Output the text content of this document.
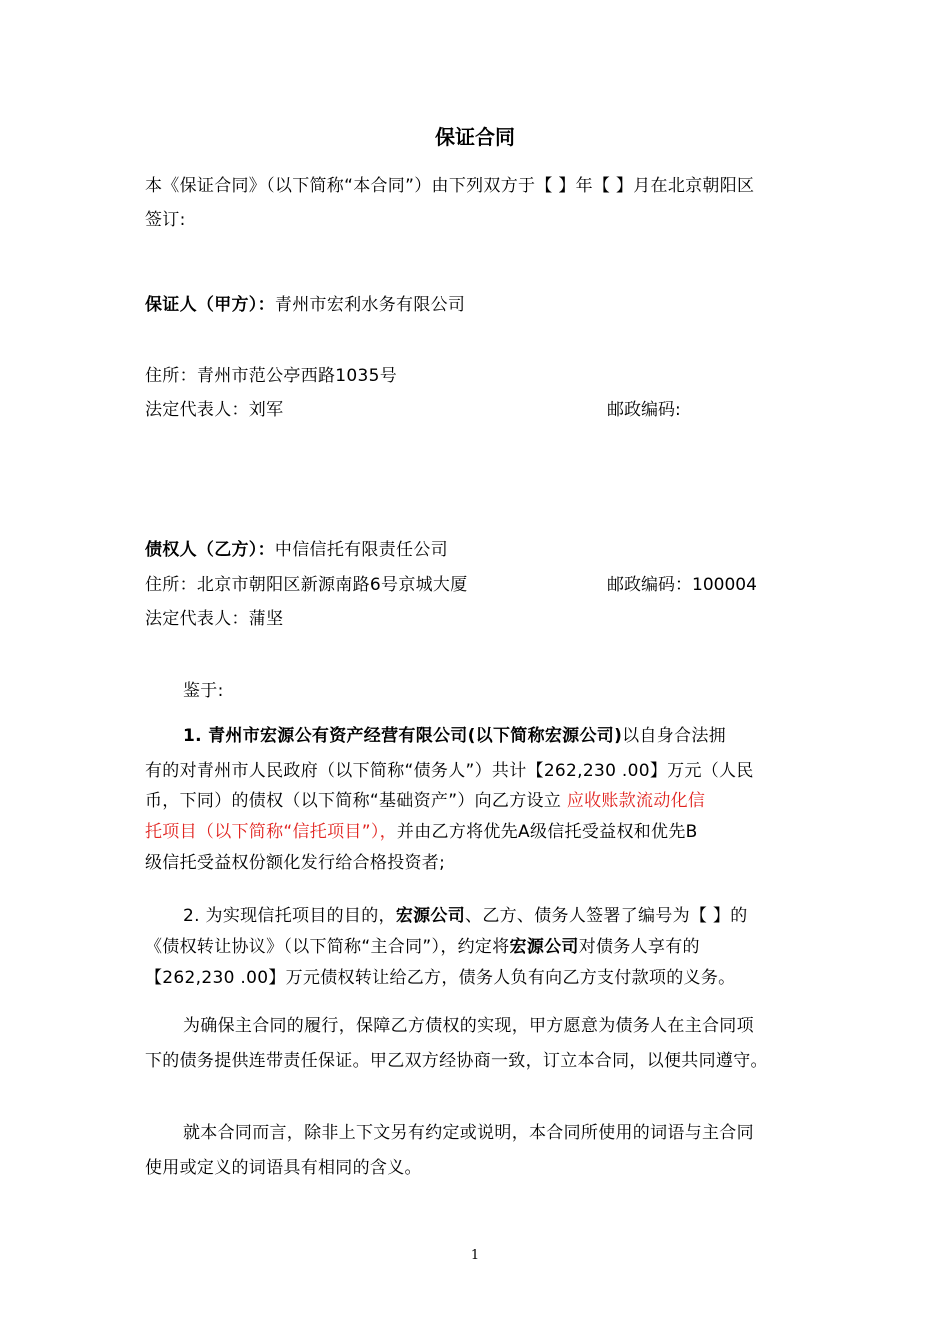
保证合同
本《保证合同》（以下简称“本合同”）由下列双方于【 】年【 】月在北京朝阳区
签订:
保证人（甲方）：青州市宏利水务有限公司
住所：青州市范公亭西路1035号
法定代表人：刘军	邮政编码:
债权人（乙方）：中信信托有限责任公司
住所：北京市朝阳区新源南路6号京城大厦	邮政编码：100004
法定代表人：蒲坚
鉴于:
1. 青州市宏源公有资产经营有限公司(以下简称宏源公司)以自身合法拥
有的对青州市人民政府（以下简称“债务人”）共计【262,230 .00】万元（人民
币，下同）的债权（以下简称“基础资产”）向乙方设立 应收账款流动化信
托项目（以下简称“信托项目”），并由乙方将优先A级信托受益权和优先B
级信托受益权份额化发行给合格投资者;
2. 为实现信托项目的目的，宏源公司、乙方、债务人签署了编号为【 】的
《债权转让协议》（以下简称“主合同”），约定将宏源公司对债务人享有的
【262,230 .00】万元债权转让给乙方，债务人负有向乙方支付款项的义务。
为确保主合同的履行，保障乙方债权的实现，甲方愿意为债务人在主合同项
下的债务提供连带责任保证。甲乙双方经协商一致，订立本合同，以便共同遵守。
就本合同而言，除非上下文另有约定或说明，本合同所使用的词语与主合同
使用或定义的词语具有相同的含义。
1
